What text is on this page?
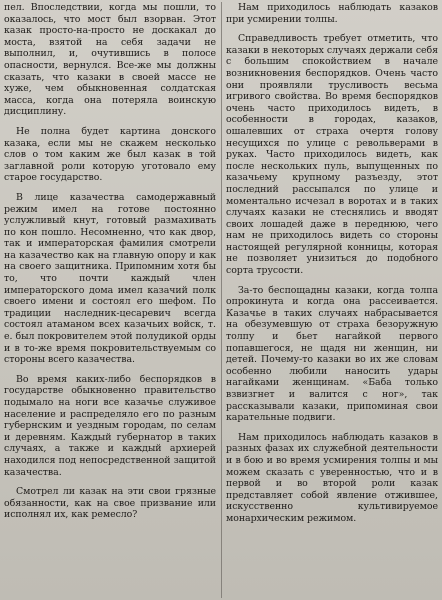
пел. Впоследствии, когда мы пошли, то оказалось, что мост был взорван. Этот казак просто-на-просто не доскакал до моста, взятой на себя задачи не выполнил, и, очутившись в полосе опасности, вернулся. Все-же мы должны сказать, что казаки в своей массе не хуже, чем обыкновенная солдатская масса, когда она потеряла воинскую дисциплину.

Не полна будет картина донского казака, если мы не скажем несколько слов о том каким же был казак в той заглавной роли которую уготовало ему старое государство.

В лице казачества самодержавный режим имел на готове постоянно услужливый кнут, готовый размахивать по кон пошло. Несомненно, что как двор, так и императорская фамилия смотрели на казачество как на главную опору и как на своего защитника. Припомним хотя бы то, что почти каждый член императорского дома имел казачий полк своего имени и состоял его шефом. По традиции наследник-цесаревич всегда состоял атаманом всех казачьих войск, т. е. был покровителем этой полудикой орды и в то-же время покровительствуемым со стороны всего казачества.

Во время каких-либо беспорядков в государстве обыкновенно правительство подымало на ноги все казачье служивое население и распределяло его по разным губернским и уездным городам, по селам и деревням. Каждый губернатор в таких случаях, а также и каждый архиерей находился под непосредственной защитой казачества.

Смотрел ли казак на эти свои грязные обязанности, как на свое призвание или исполнял их, как ремесло?

Нам приходилось наблюдать казаков при усмирении толпы.

Справедливость требует отметить, что казаки в некоторых случаях держали себя с большим спокойствием в начале возникновения беспорядков. Очень часто они проявляли трусливость весьма игривого свойства. Во время беспорядков очень часто приходилось видеть, в особенности в городах, казаков, ошалевших от страха очертя голову несущихся по улице с револьверами в руках. Часто приходилось видеть, как после нескольких пуль, выпущенных по казачьему крупному разъезду, этот последний рассыпался по улице и моментально исчезал в воротах и в таких случаях казаки не стеснялись и вводят своих лошадей даже в переднюю, чего нам не приходилось видеть со стороны настоящей регулярной конницы, которая не позволяет унизиться до подобного сорта трусости.

За-то беспощадны казаки, когда толпа опрокинута и когда она рассеивается. Казачье в таких случаях набрасывается на обезумевшую от страха безоружную толпу и бьет нагайкой первого попавшегося, не щадя ни женщин, ни детей. Почему-то казаки во их же словам особенно любили наносить удары нагайками женщинам. «Баба только взвизгнет и валится с ног», так рассказывали казаки, припоминая свои карательные подвиги.

Нам приходилось наблюдать казаков в разных фазах их служебной деятельности и в бою и во время усмирения толпы и мы можем сказать с уверенностью, что и в первой и во второй роли казак представляет собой явление отжившее, искусственно культивируемое монархическим режимом.
